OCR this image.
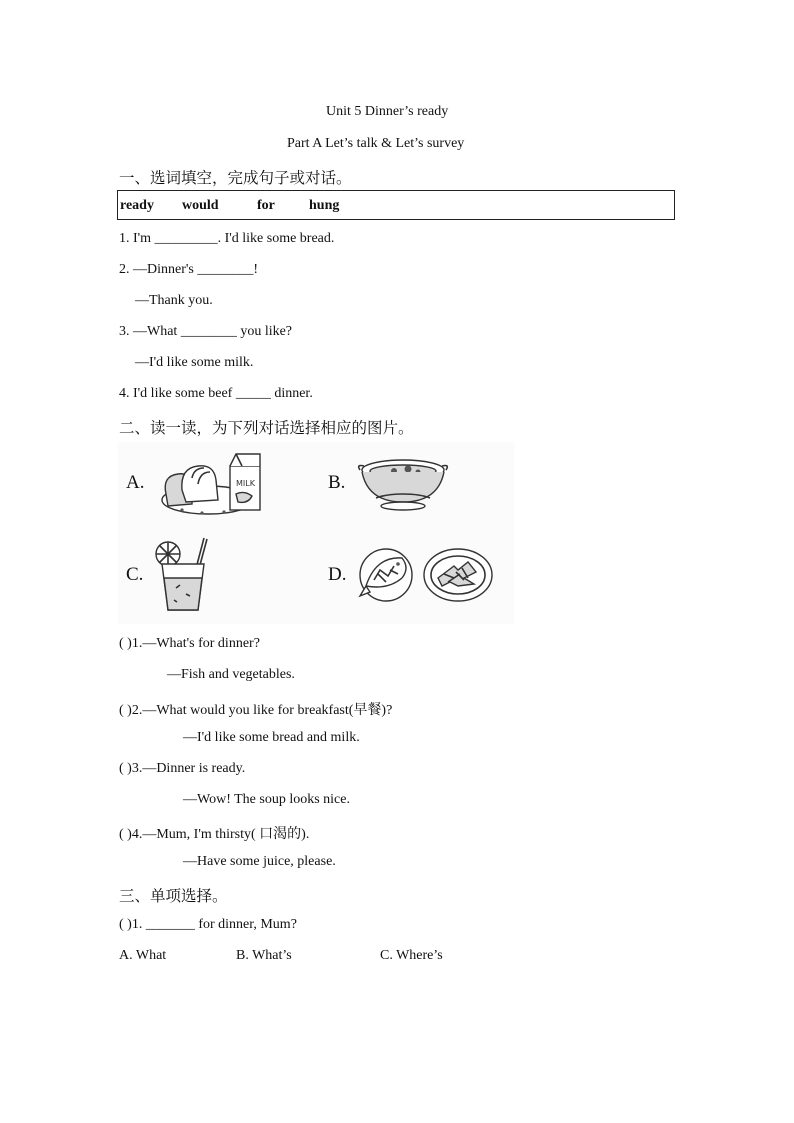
Unit 5 Dinner’s ready
Part A Let’s talk & Let’s survey
一、选词填空，完成句子或对话。
ready would	for hung
1. I'm _________. I'd like some bread.
2. —Dinner's ________!
—Thank you.
3. —What ________ you like?
—I'd like some milk.
4. I'd like some beef _____ dinner.
二、读一读，为下列对话选择相应的图片。
A.	B.
C.	D.
MILK
( )1.—What's for dinner?
—Fish and vegetables.
( )2.—What would you like for breakfast(早餐)?
—I'd like some bread and milk.
( )3.—Dinner is ready.
—Wow! The soup looks nice.
( )4.—Mum, I'm thirsty( 口渴的).
—Have some juice, please.
三、单项选择。
( )1. _______ for dinner, Mum?
A. What	B. What’s	C. Where’s
